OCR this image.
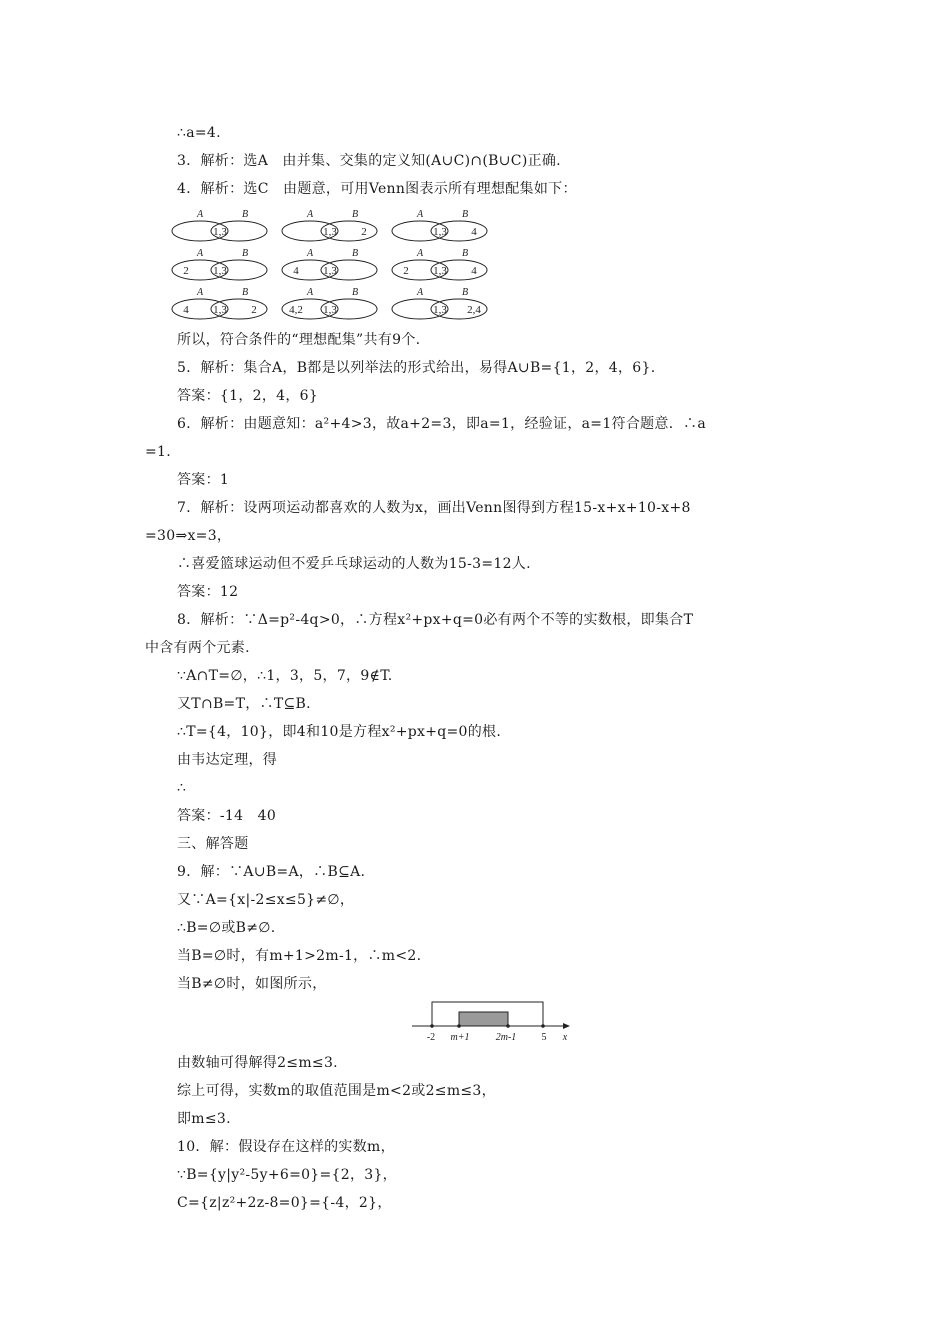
∴a=4.
3．解析：选A　由并集、交集的定义知(A∪C)∩(B∪C)正确.
4．解析：选C　由题意，可用Venn图表示所有理想配集如下：
A	B
1,3
A	B
1,3 2
A	B
1,3 4
A	B
2 1,3
A	B
4 1,3
A	B
2 1,3 4
A	B
4 1,3 2
A	B
4,2 1,3
A	B
1,3 2,4
所以，符合条件的“理想配集”共有9个.
5．解析：集合A，B都是以列举法的形式给出，易得A∪B={1，2，4，6}.
答案：{1，2，4，6}
6．解析：由题意知：a²+4>3，故a+2=3，即a=1，经验证，a=1符合题意．∴a
=1.
答案：1
7．解析：设两项运动都喜欢的人数为x，画出Venn图得到方程15-x+x+10-x+8
=30⇒x=3，
∴喜爱篮球运动但不爱乒乓球运动的人数为15-3=12人.
答案：12
8．解析：∵Δ=p²-4q>0，∴方程x²+px+q=0必有两个不等的实数根，即集合T
中含有两个元素.
∵A∩T=∅，∴1，3，5，7，9∉T.
又T∩B=T，∴T⊆B.
∴T={4，10}，即4和10是方程x²+px+q=0的根.
由韦达定理，得
∴
答案：-14　40
三、解答题
9．解：∵A∪B=A，∴B⊆A.
又∵A={x|-2≤x≤5}≠∅，
∴B=∅或B≠∅.
当B=∅时，有m+1>2m-1，∴m<2.
当B≠∅时，如图所示，
-2 m+1	2m-1	5 x
由数轴可得解得2≤m≤3.
综上可得，实数m的取值范围是m<2或2≤m≤3，
即m≤3.
10．解：假设存在这样的实数m，
∵B={y|y²-5y+6=0}={2，3}，
C={z|z²+2z-8=0}={-4，2}，
